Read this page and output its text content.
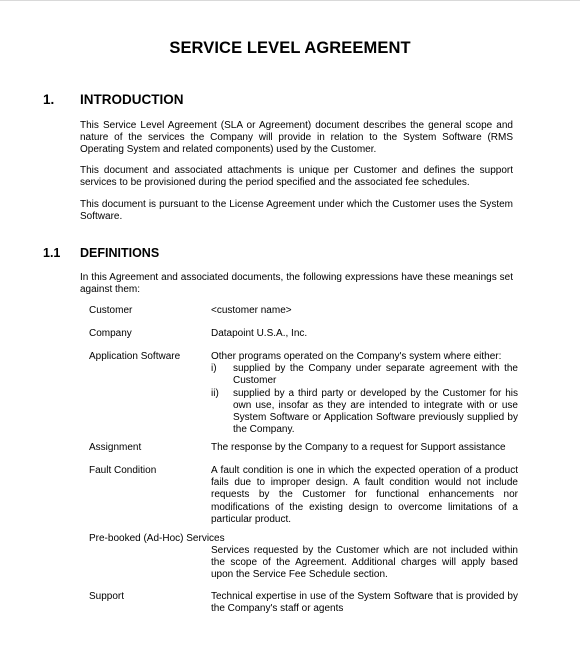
SERVICE LEVEL AGREEMENT
1. INTRODUCTION
This Service Level Agreement (SLA or Agreement) document describes the general scope and nature of the services the Company will provide in relation to the System Software (RMS Operating System and related components) used by the Customer.
This document and associated attachments is unique per Customer and defines the support services to be provisioned during the period specified and the associated fee schedules.
This document is pursuant to the License Agreement under which the Customer uses the System Software.
1.1 DEFINITIONS
In this Agreement and associated documents, the following expressions have these meanings set against them:
Customer	<customer name>
Company	Datapoint U.S.A., Inc.
Application Software	Other programs operated on the Company's system where either:
i) supplied by the Company under separate agreement with the Customer
ii) supplied by a third party or developed by the Customer for his own use, insofar as they are intended to integrate with or use System Software or Application Software previously supplied by the Company.
Assignment	The response by the Company to a request for Support assistance
Fault Condition	A fault condition is one in which the expected operation of a product fails due to improper design. A fault condition would not include requests by the Customer for functional enhancements nor modifications of the existing design to overcome limitations of a particular product.
Pre-booked (Ad-Hoc) Services
Services requested by the Customer which are not included within the scope of the Agreement. Additional charges will apply based upon the Service Fee Schedule section.
Support	Technical expertise in use of the System Software that is provided by the Company's staff or agents
